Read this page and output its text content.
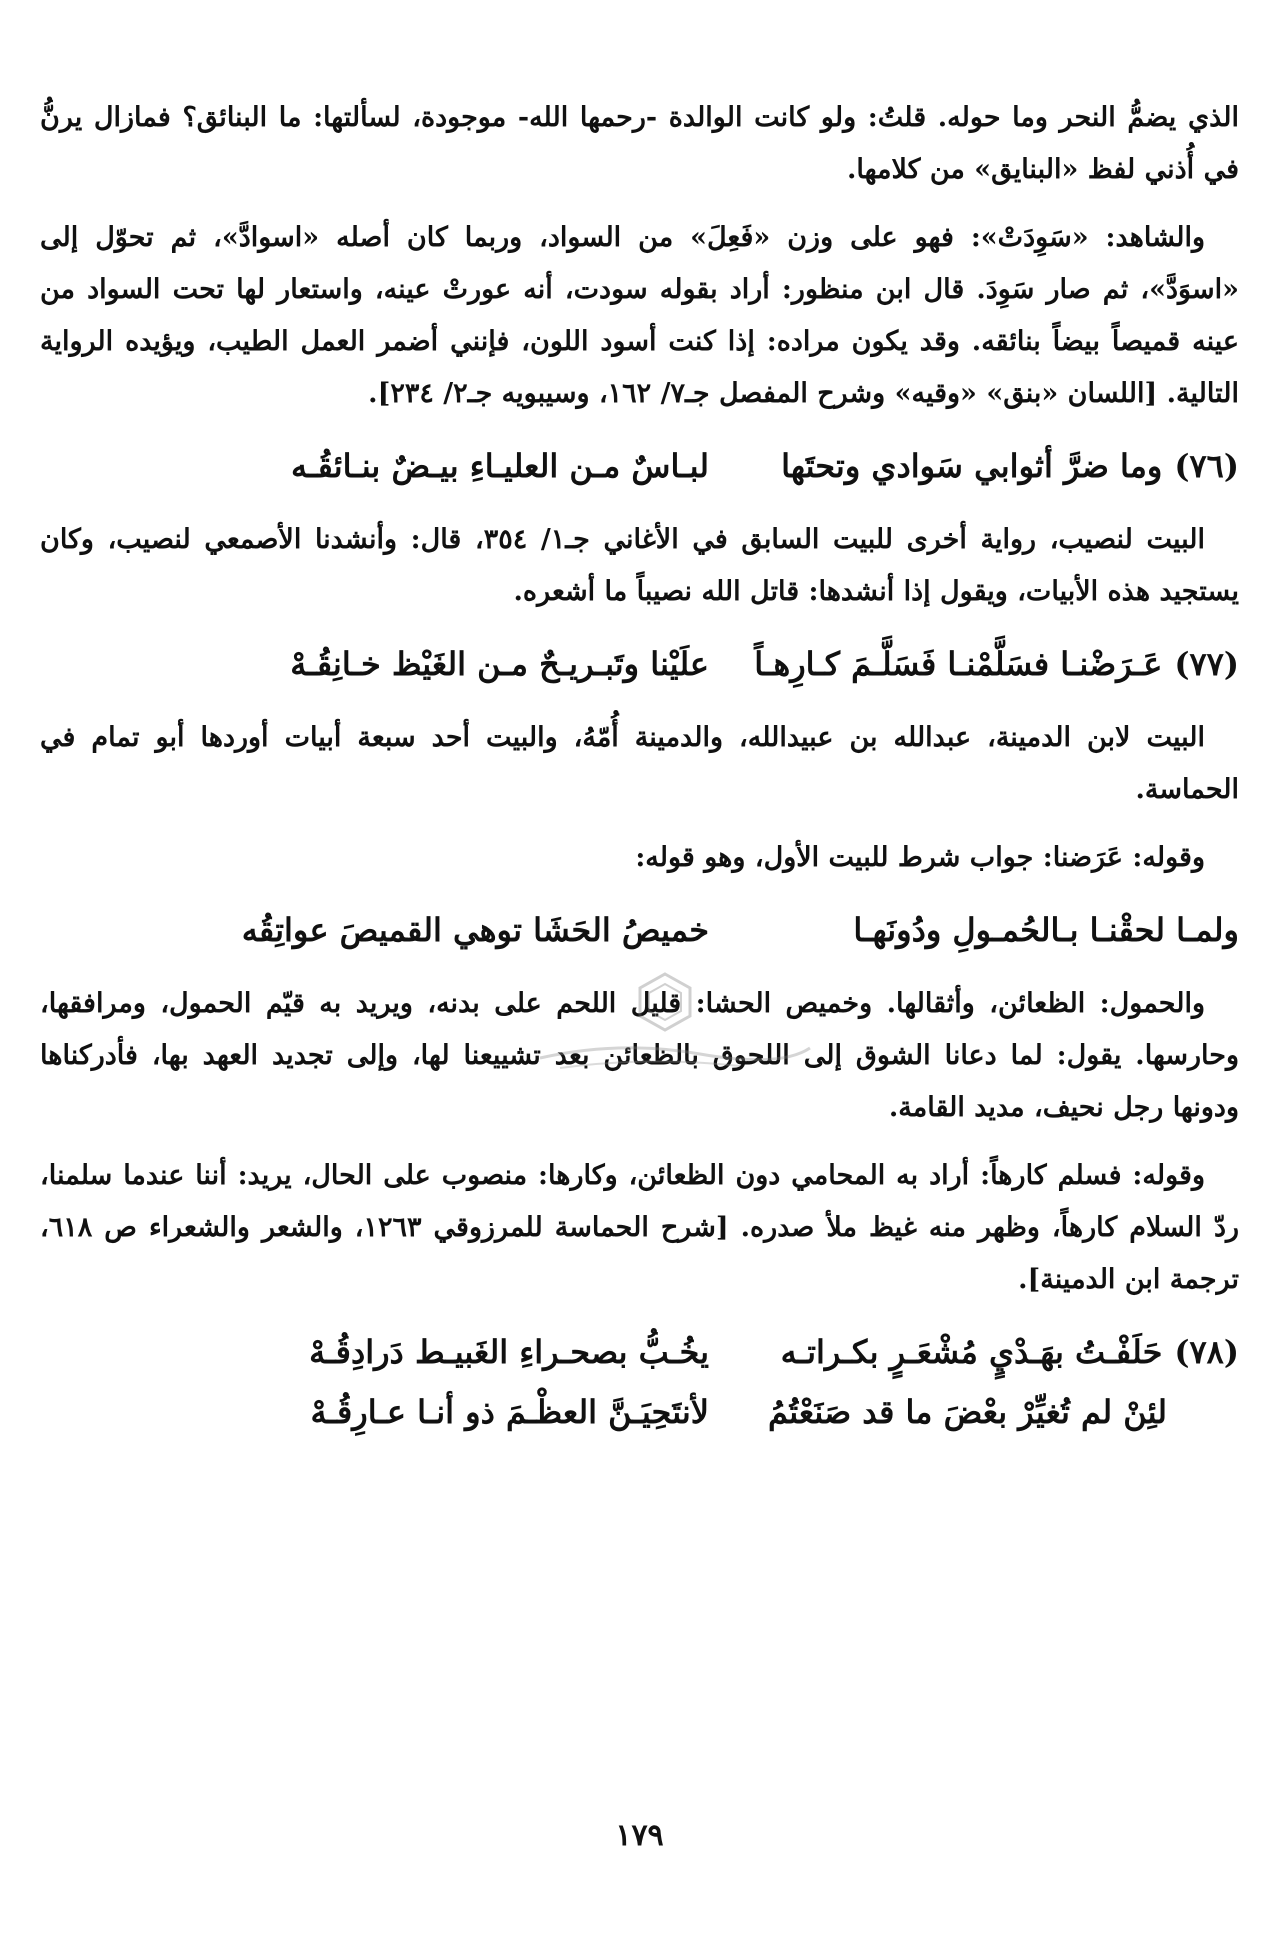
الذي يضمُّ النحر وما حوله. قلتُ: ولو كانت الوالدة -رحمها الله- موجودة، لسألتها: ما البنائق؟ فمازال يرنُّ في أُذني لفظ «البنايق» من كلامها.

والشاهد: «سَوِدَتْ»: فهو على وزن «فَعِلَ» من السواد، وربما كان أصله «اسوادَّ»، ثم تحوّل إلى «اسوَدَّ»، ثم صار سَوِدَ. قال ابن منظور: أراد بقوله سودت، أنه عورتْ عينه، واستعار لها تحت السواد من عينه قميصاً بيضاً بنائقه. وقد يكون مراده: إذا كنت أسود اللون، فإنني أضمر العمل الطيب، ويؤيده الرواية التالية. [اللسان «بنق» «وقيه» وشرح المفصل جـ٧/ ١٦٢، وسيبويه جـ٢/ ٢٣٤].

(٧٦)وما ضرَّ أثوابي سَوادي وتحتَها
لبـاسٌ مـن العليـاءِ بيـضٌ بنـائقُـه

البيت لنصيب، رواية أخرى للبيت السابق في الأغاني جـ١/ ٣٥٤، قال: وأنشدنا الأصمعي لنصيب، وكان يستجيد هذه الأبيات، ويقول إذا أنشدها: قاتل الله نصيباً ما أشعره.

(٧٧)عَـرَضْنـا فسَلَّمْنـا فَسَلَّـمَ كـارِهـاً
علَيْنا وتَبـريـحٌ مـن الغَيْظ خـانِقُـهْ

البيت لابن الدمينة، عبدالله بن عبيدالله، والدمينة أُمّهُ، والبيت أحد سبعة أبيات أوردها أبو تمام في الحماسة.

وقوله: عَرَضنا: جواب شرط للبيت الأول، وهو قوله:

ولمـا لحقْنـا بـالحُمـولِ ودُونَهـا
خميصُ الحَشَا توهي القميصَ عواتِقُه

والحمول: الظعائن، وأثقالها. وخميص الحشا: قليل اللحم على بدنه، ويريد به قيّم الحمول، ومرافقها، وحارسها. يقول: لما دعانا الشوق إلى اللحوق بالظعائن بعد تشييعنا لها، وإلى تجديد العهد بها، فأدركناها ودونها رجل نحيف، مديد القامة.

وقوله: فسلم كارهاً: أراد به المحامي دون الظعائن، وكارها: منصوب على الحال، يريد: أننا عندما سلمنا، ردّ السلام كارهاً، وظهر منه غيظ ملأ صدره. [شرح الحماسة للمرزوقي ١٢٦٣، والشعر والشعراء ص ٦١٨، ترجمة ابن الدمينة].

(٧٨)حَلَفْـتُ بهَـدْيٍ مُشْعَـرٍ بكـراتـه
يخُـبُّ بصحـراءِ الغَبيـط دَرادِقُـهْ
لئِنْ لم تُغيِّرْ بعْضَ ما قد صَنَعْتُمُ
لأنتَحِيَـنَّ العظْـمَ ذو أنـا عـارِقُـهْ
١٧٩
